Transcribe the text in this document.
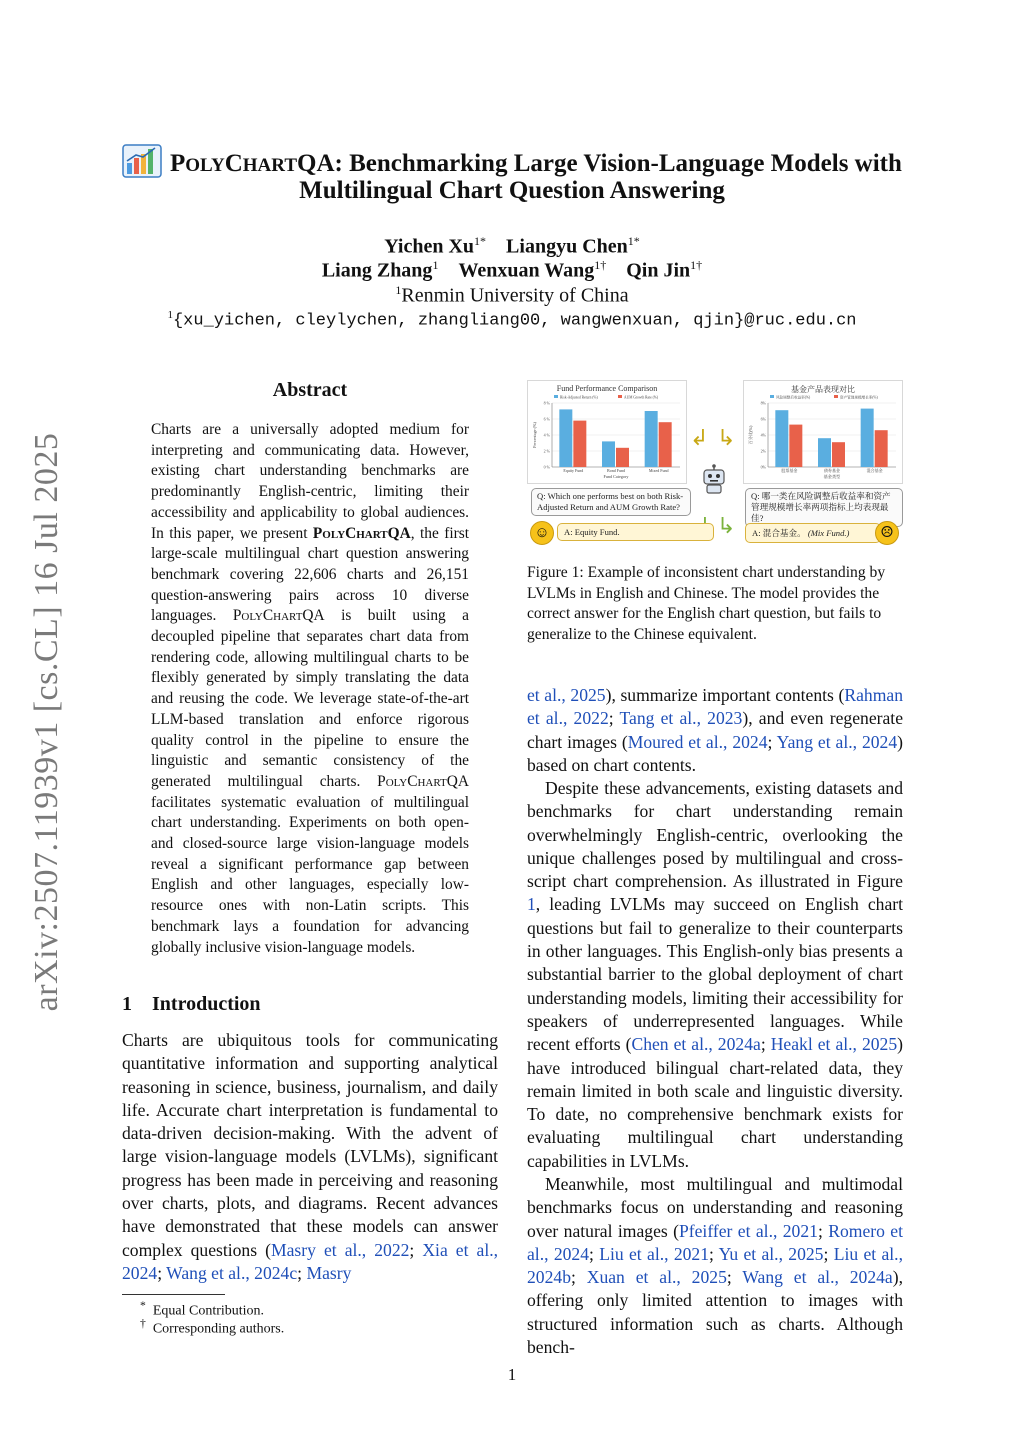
arXiv:2507.11939v1 [cs.CL] 16 Jul 2025
POLYCHARTQA: Benchmarking Large Vision-Language Models with
Multilingual Chart Question Answering
Yichen $Xu^{1*}$ Liangyu Chen$^{1*}$
Liang Zhang$^1$ Wenxuan Wang$^{1\dagger}$ Qin Jin$^{1\dagger}$
$^1$Renmin University of China
$^1${xu_yichen, cleylychen, zhangliang00, wangwenxuan, qjin}@ruc.edu.cn
Abstract
Charts are a universally adopted medium for interpreting and communicating data. However, existing chart understanding benchmarks are predominantly English-centric, limiting their accessibility and applicability to global audiences. In this paper, we present PolyChartQA, the first large-scale multilingual chart question answering benchmark covering 22,606 charts and 26,151 question-answering pairs across 10 diverse languages. PolyChartQA is built using a decoupled pipeline that separates chart data from rendering code, allowing multilingual charts to be flexibly generated by simply translating the data and reusing the code. We leverage state-of-the-art LLM-based translation and enforce rigorous quality control in the pipeline to ensure the linguistic and semantic consistency of the generated multilingual charts. PolyChartQA facilitates systematic evaluation of multilingual chart understanding. Experiments on both open- and closed-source large vision-language models reveal a significant performance gap between English and other languages, especially low-resource ones with non-Latin scripts. This benchmark lays a foundation for advancing globally inclusive vision-language models.
1 Introduction
Charts are ubiquitous tools for communicating quantitative information and supporting analytical reasoning in science, business, journalism, and daily life. Accurate chart interpretation is fundamental to data-driven decision-making. With the advent of large vision-language models (LVLMs), significant progress has been made in perceiving and reasoning over charts, plots, and diagrams. Recent advances have demonstrated that these models can answer complex questions (Masry et al., 2022; Xia et al., 2024; Wang et al., 2024c; Masry
* Equal Contribution.
† Corresponding authors.
Fund Performance Comparison
Risk-Adjusted Return (%)	AUM Growth Rate (%)
0 %
2 %
4 %
6 %
8 %
Equity Fund	Bond Fund	Mixed Fund
Fund Category
Percentage (%)
基金产品表现对比
风险调整后收益率(%)	资产管理规模增长率(%)
0%
2%
4%
6%
8%
股票基金	债券基金	混合基金
基金类型
百分比(%)
↲ ↳
↳
Q: Which one performs best on both Risk-Adjusted Return and AUM Growth Rate?
Q: 哪一类在风险调整后收益率和资产管理规模增长率两项指标上均表现最佳?
☺	A: Equity Fund.	A: 混合基金。 (Mix Fund.)	☹
Figure 1: Example of inconsistent chart understanding by LVLMs in English and Chinese. The model provides the correct answer for the English chart question, but fails to generalize to the Chinese equivalent.
et al., 2025), summarize important contents (Rahman et al., 2022; Tang et al., 2023), and even regenerate chart images (Moured et al., 2024; Yang et al., 2024) based on chart contents.
Despite these advancements, existing datasets and benchmarks for chart understanding remain overwhelmingly English-centric, overlooking the unique challenges posed by multilingual and cross-script chart comprehension. As illustrated in Figure 1, leading LVLMs may succeed on English chart questions but fail to generalize to their counterparts in other languages. This English-only bias presents a substantial barrier to the global deployment of chart understanding models, limiting their accessibility for speakers of underrepresented languages. While recent efforts (Chen et al., 2024a; Heakl et al., 2025) have introduced bilingual chart-related data, they remain limited in both scale and linguistic diversity. To date, no comprehensive benchmark exists for evaluating multilingual chart understanding capabilities in LVLMs.
Meanwhile, most multilingual and multimodal benchmarks focus on understanding and reasoning over natural images (Pfeiffer et al., 2021; Romero et al., 2024; Liu et al., 2021; Yu et al., 2025; Liu et al., 2024b; Xuan et al., 2025; Wang et al., 2024a), offering only limited attention to images with structured information such as charts. Although bench-
1
